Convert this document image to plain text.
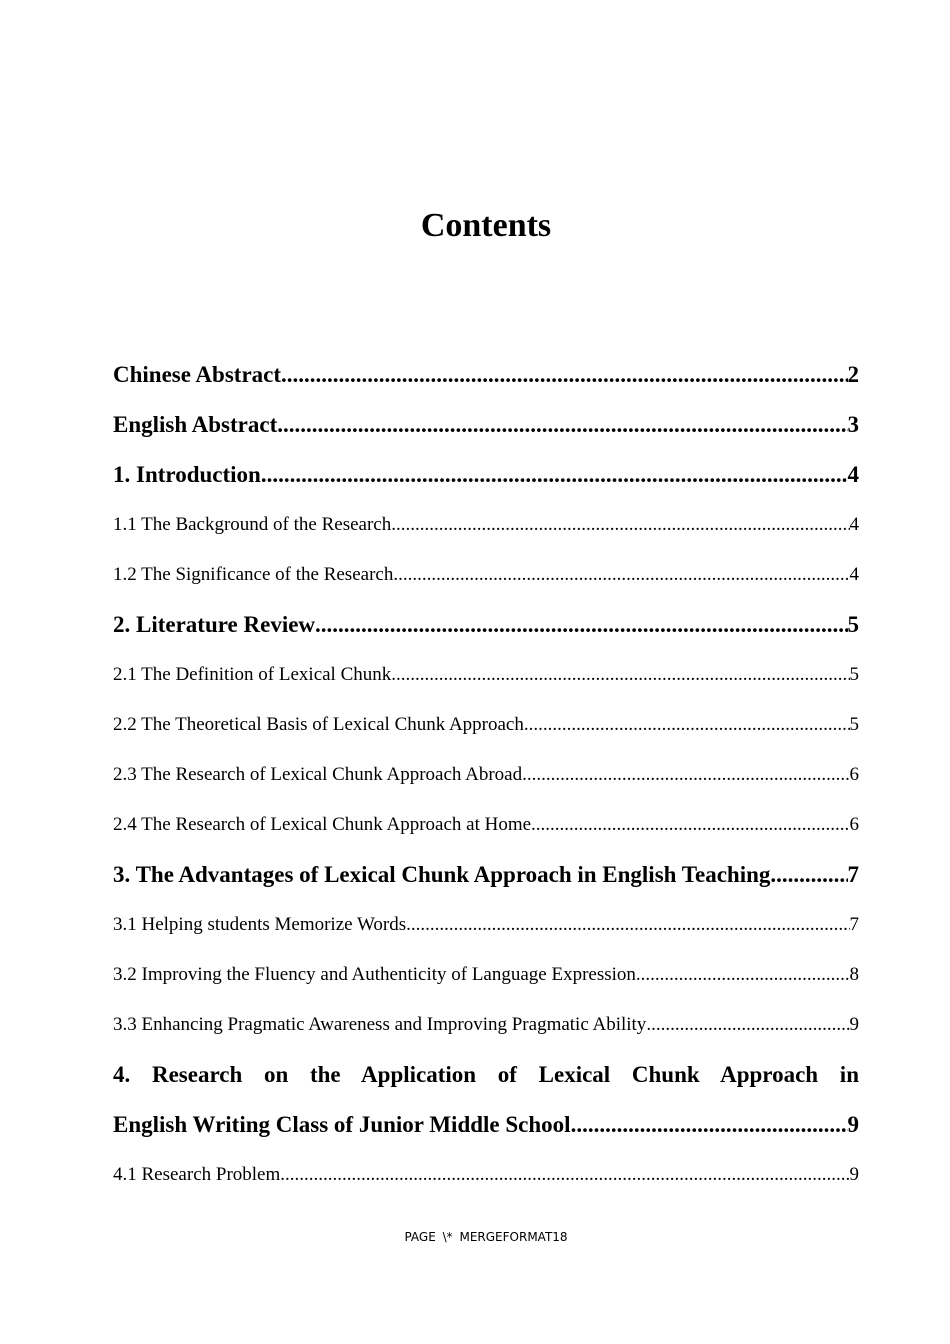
Contents
Chinese Abstract .....	2
English Abstract .....	3
1. Introduction .....	4
1.1 The Background of the Research .....	4
1.2 The Significance of the Research .....	4
2. Literature Review .....	5
2.1 The Definition of Lexical Chunk .....	5
2.2 The Theoretical Basis of Lexical Chunk Approach .....	5
2.3 The Research of Lexical Chunk Approach Abroad .....	6
2.4 The Research of Lexical Chunk Approach at Home .....	6
3. The Advantages of Lexical Chunk Approach in English Teaching .....	7
3.1 Helping students Memorize Words .....	7
3.2 Improving the Fluency and Authenticity of Language Expression .....	8
3.3 Enhancing Pragmatic Awareness and Improving Pragmatic Ability .....	9
4. Research on the Application of Lexical Chunk Approach in
English Writing Class of Junior Middle School .....	9
4.1 Research Problem .....	9
PAGE \* MERGEFORMAT18
